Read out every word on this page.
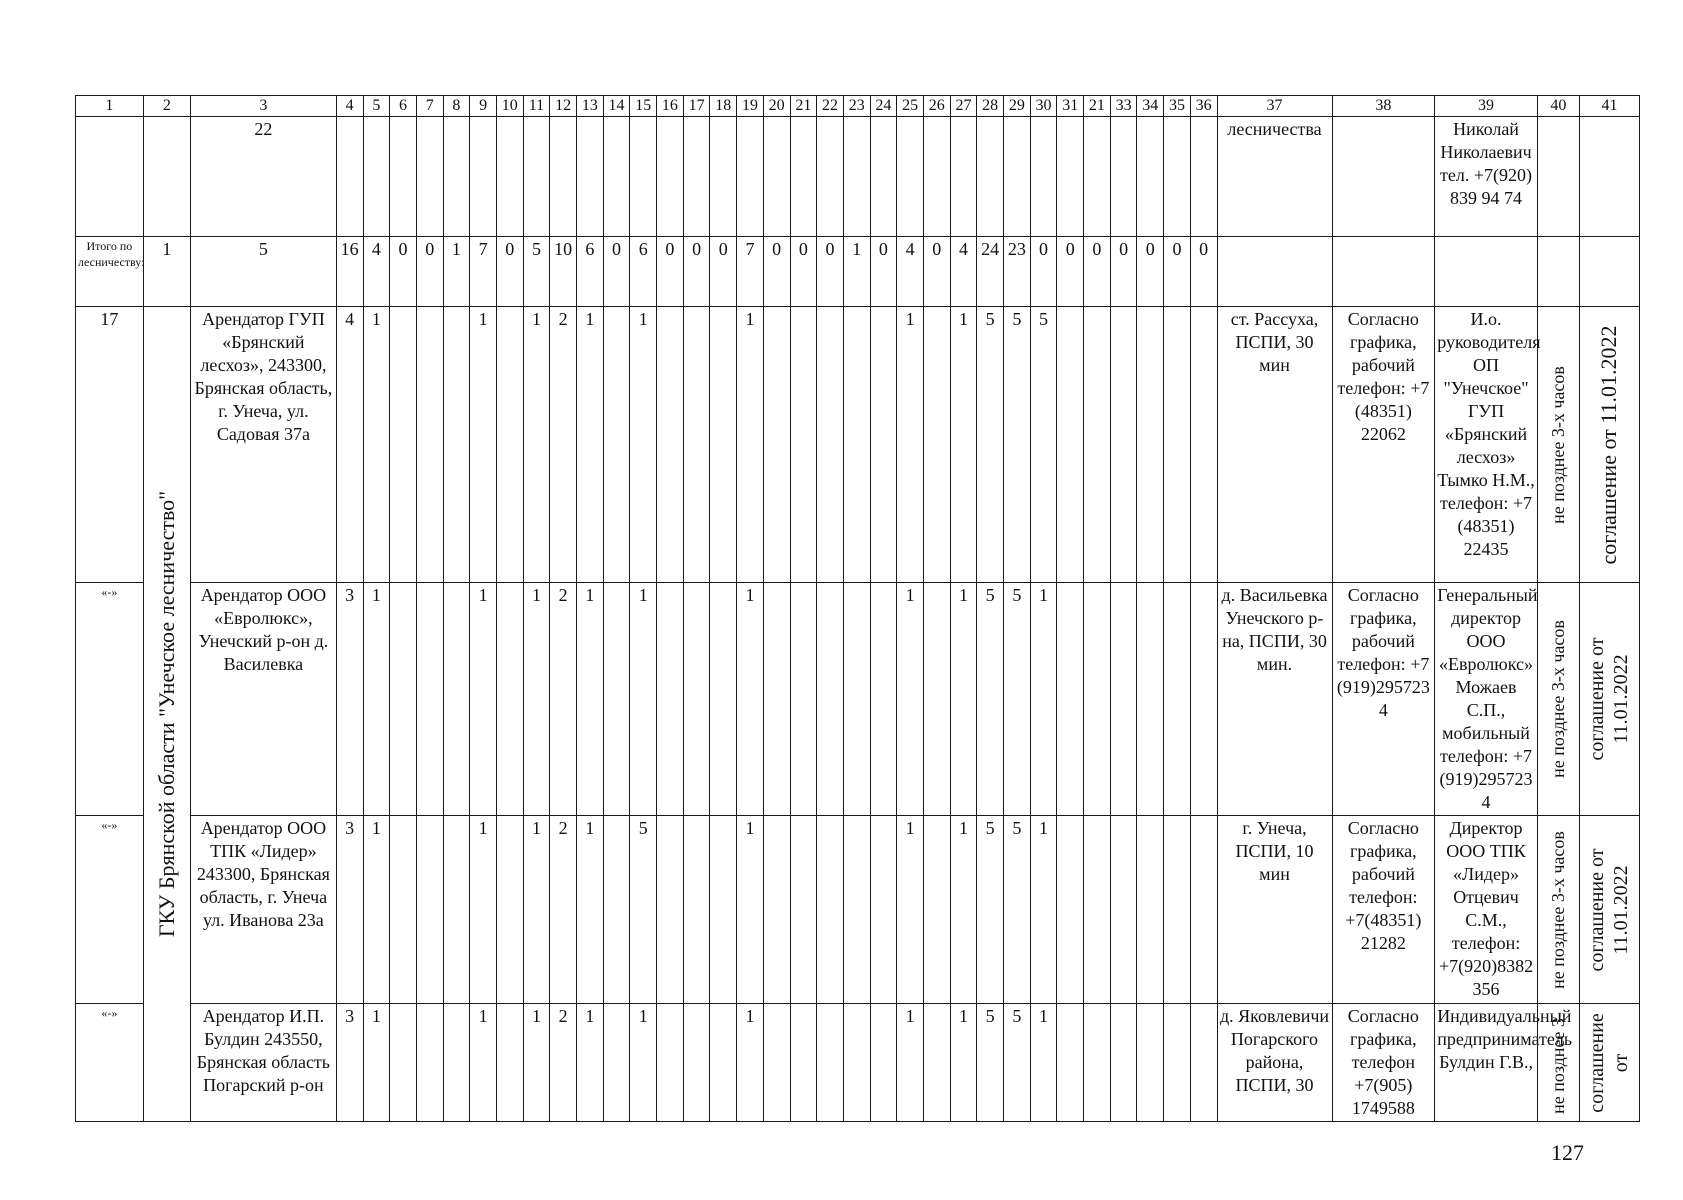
1	2	3	4	5	6	7	8	9	10	11	12	13	14	15	16	17	18	19	20	21	22	23	24	25	26	27	28	29	30	31	21	33	34	35	36	37	38	39	40	41
		22																																		лесничества		Николай Николаевич тел. +7(920) 839 94 74		
Итого по лесничеству:	1	5	16	4	0	0	1	7	0	5	10	6	0	6	0	0	0	7	0	0	0	1	0	4	0	4	24	23	0	0	0	0	0	0	0					
17	ГКУ Брянской области "Унечское лесничество"	Арендатор ГУП «Брянский лесхоз», 243300, Брянская область, г. Унеча, ул. Садовая 37а	4	1				1		1	2	1		1				1						1		1	5	5	5							ст. Рассуха, ПСПИ, 30 мин	Согласно графика, рабочий телефон: +7 (48351) 22062	И.о. руководителя ОП "Унечское" ГУП «Брянский лесхоз» Тымко Н.М., телефон: +7 (48351) 22435	не позднее 3-х часов	соглашение от 11.01.2022

«-»		Арендатор ООО «Евролюкс», Унечский р-он д. Василевка	3	1				1		1	2	1		1				1						1		1	5	5	1							д. Васильевка Унечского р-на, ПСПИ, 30 мин.	Согласно графика, рабочий телефон: +7 (919)295723 4	Генеральный директор ООО «Евролюкс» Можаев С.П., мобильный телефон: +7 (919)295723 4	не позднее 3-х часов	соглашение от 11.01.2022

«-»		Арендатор ООО ТПК «Лидер» 243300, Брянская область, г. Унеча ул. Иванова 23а	3	1				1		1	2	1		5				1						1		1	5	5	1							г. Унеча, ПСПИ, 10 мин	Согласно графика, рабочий телефон: +7(48351) 21282	Директор ООО ТПК «Лидер» Отцевич С.М., телефон: +7(920)8382 356	не позднее 3-х часов	соглашение от 11.01.2022

«-»		Арендатор И.П. Булдин 243550, Брянская область Погарский р-он	3	1				1		1	2	1		1				1						1		1	5	5	1							д. Яковлевичи Погарского района, ПСПИ, 30	Согласно графика, телефон +7(905) 1749588	Индивидуальный предприниматель Булдин Г.В.,	не позднее 3-	соглашение от
127
